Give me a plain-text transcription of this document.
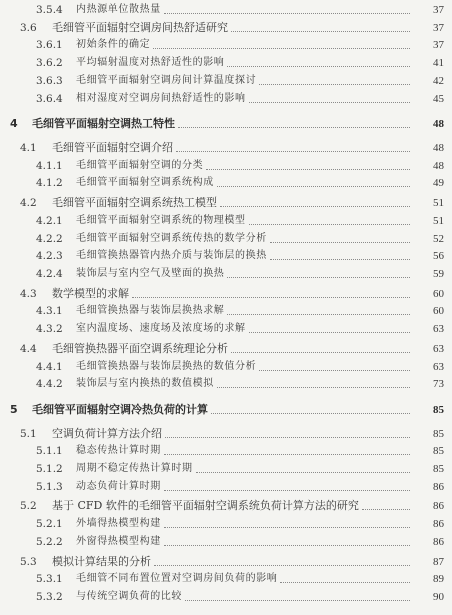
3.5.4	内热源单位散热量	37
3.6	毛细管平面辐射空调房间热舒适研究	37
3.6.1	初始条件的确定	37
3.6.2	平均辐射温度对热舒适性的影响	41
3.6.3	毛细管平面辐射空调房间计算温度探讨	42
3.6.4	相对湿度对空调房间热舒适性的影响	45
4	毛细管平面辐射空调热工特性	48
4.1	毛细管平面辐射空调介绍	48
4.1.1	毛细管平面辐射空调的分类	48
4.1.2	毛细管平面辐射空调系统构成	49
4.2	毛细管平面辐射空调系统热工模型	51
4.2.1	毛细管平面辐射空调系统的物理模型	51
4.2.2	毛细管平面辐射空调系统传热的数学分析	52
4.2.3	毛细管换热器管内热介质与装饰层的换热	56
4.2.4	装饰层与室内空气及壁面的换热	59
4.3	数学模型的求解	60
4.3.1	毛细管换热器与装饰层换热求解	60
4.3.2	室内温度场、速度场及浓度场的求解	63
4.4	毛细管换热器平面空调系统理论分析	63
4.4.1	毛细管换热器与装饰层换热的数值分析	63
4.4.2	装饰层与室内换热的数值模拟	73
5	毛细管平面辐射空调冷热负荷的计算	85
5.1	空调负荷计算方法介绍	85
5.1.1	稳态传热计算时期	85
5.1.2	周期不稳定传热计算时期	85
5.1.3	动态负荷计算时期	86
5.2	基于 CFD 软件的毛细管平面辐射空调系统负荷计算方法的研究	86
5.2.1	外墙得热模型构建	86
5.2.2	外窗得热模型构建	86
5.3	模拟计算结果的分析	87
5.3.1	毛细管不同布置位置对空调房间负荷的影响	89
5.3.2	与传统空调负荷的比较	90
